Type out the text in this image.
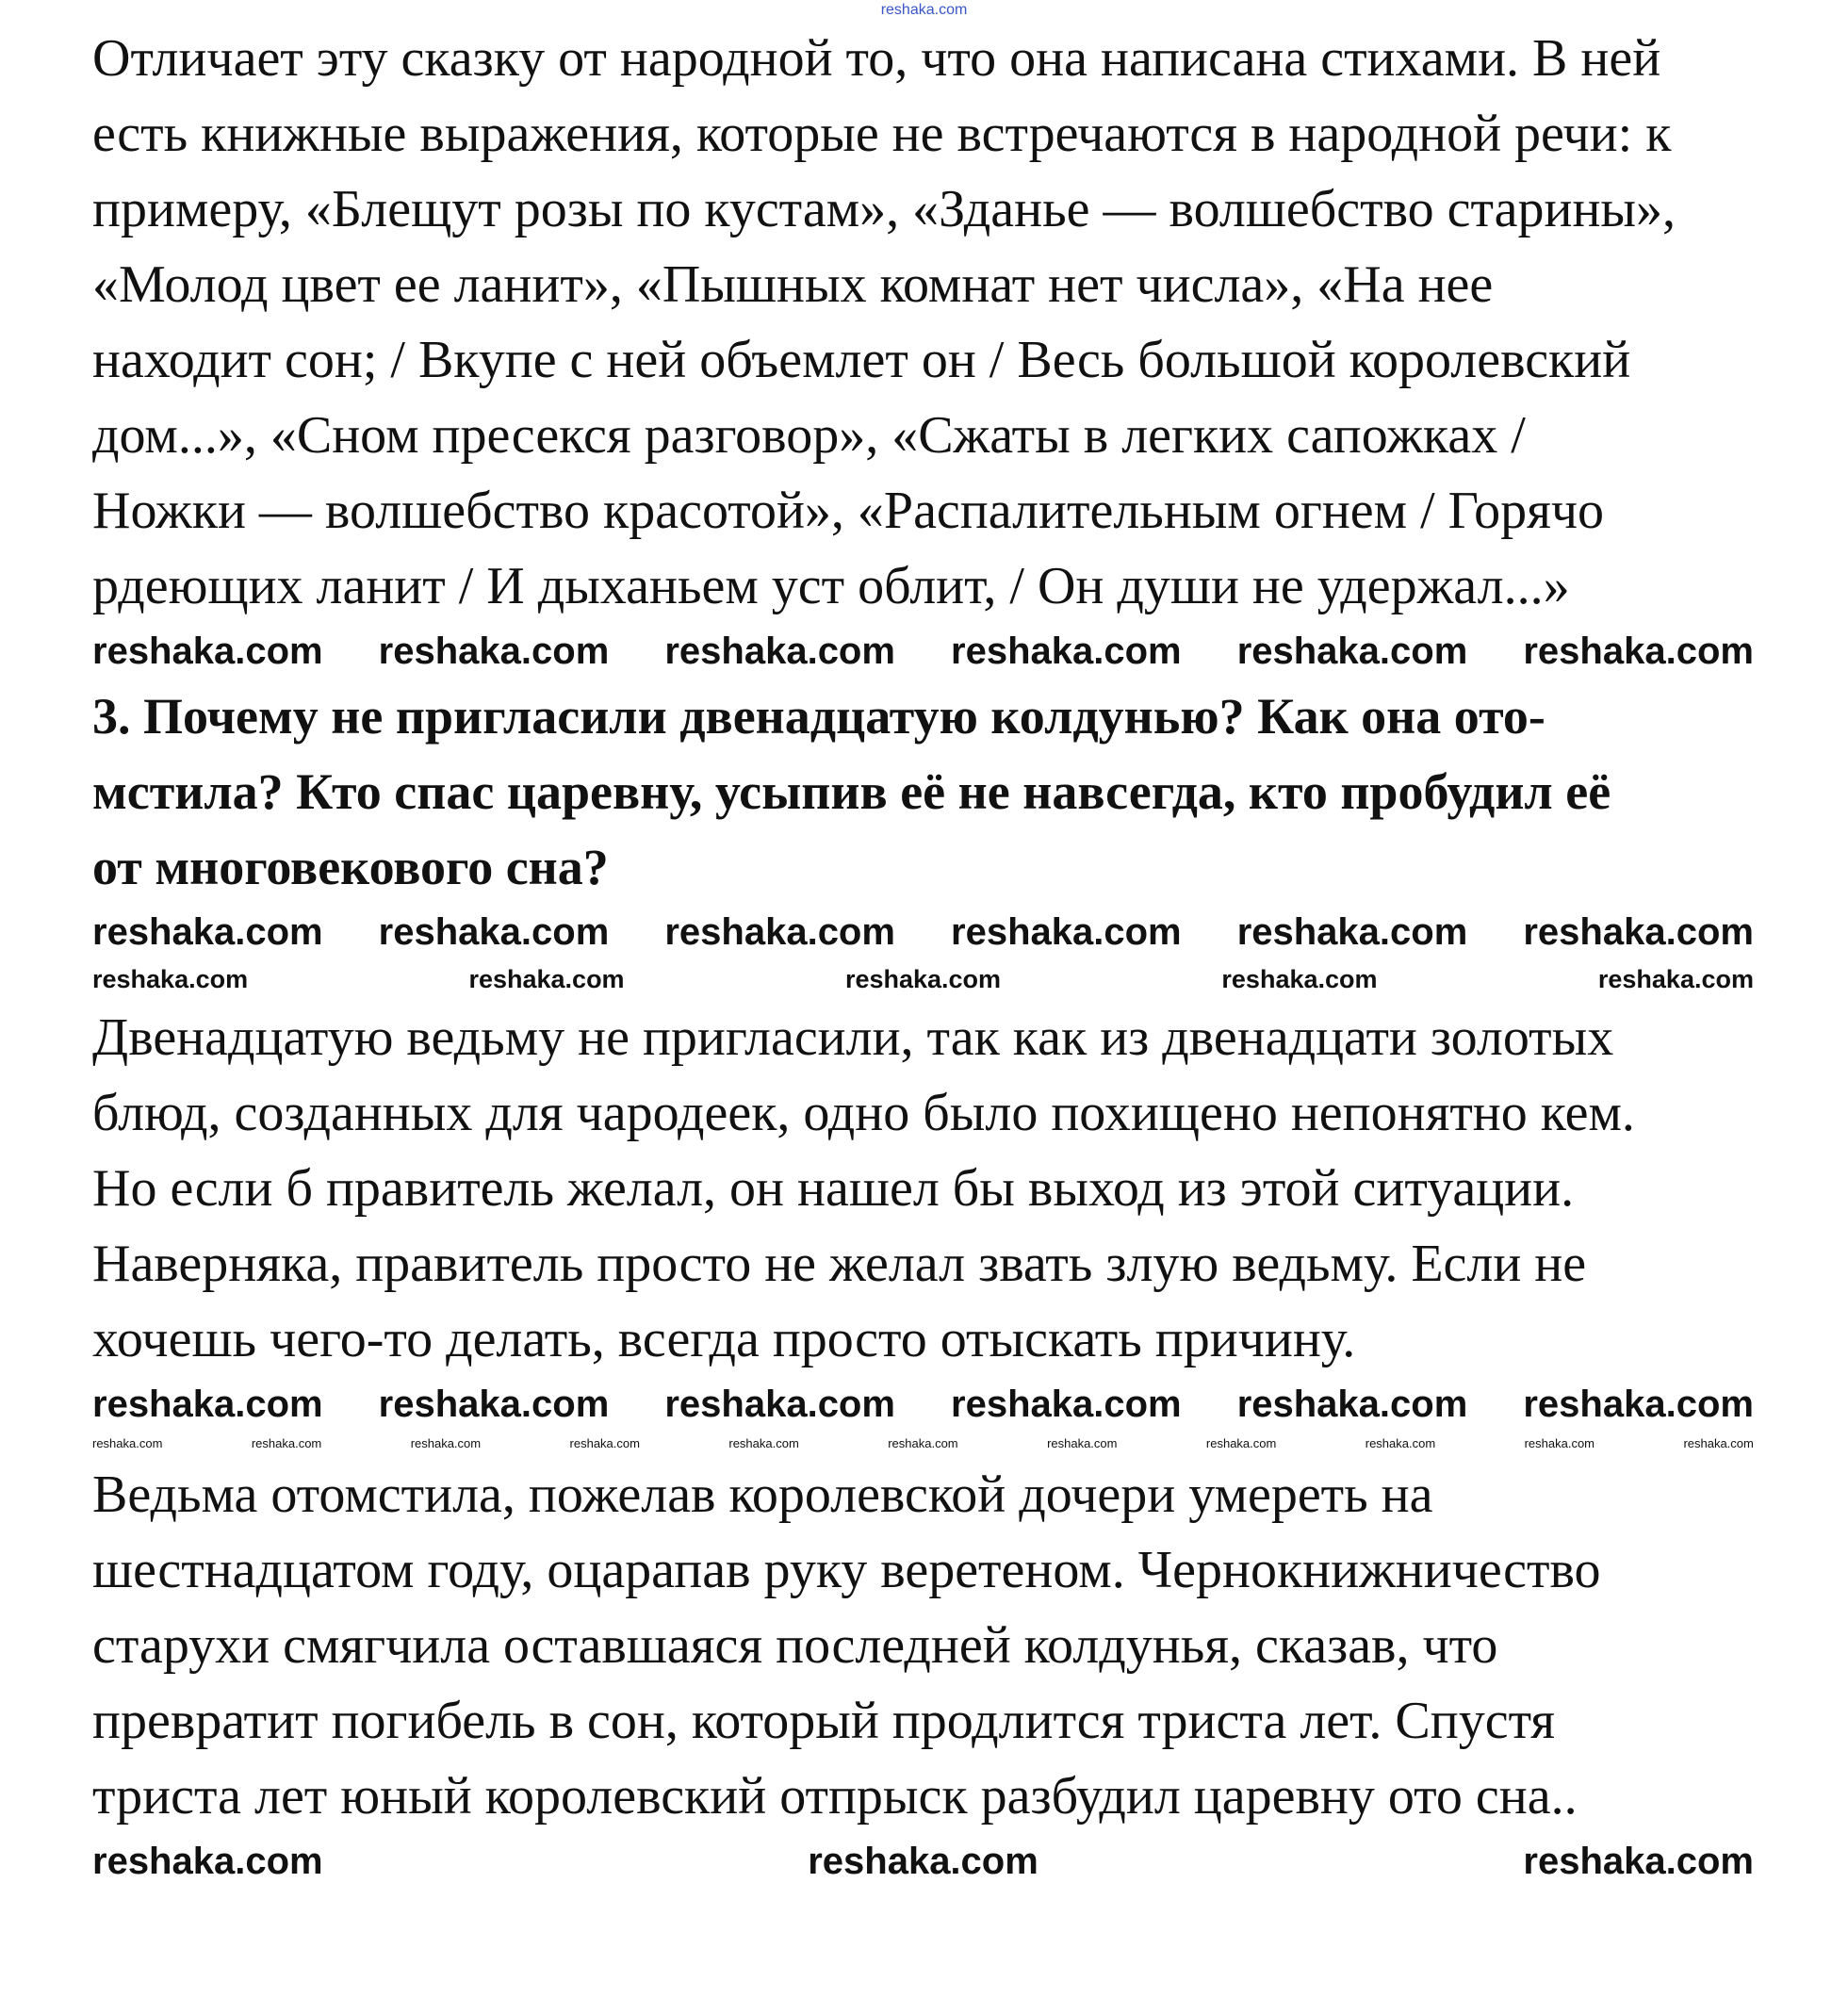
reshaka.com
Отличает эту сказку от народной то, что она написана стихами. В ней
есть книжные выражения, которые не встречаются в народной речи: к
примеру, «Блещут розы по кустам», «Зданье — волшебство старины»,
«Молод цвет ее ланит», «Пышных комнат нет числа», «На нее
находит сон; / Вкупе с ней объемлет он / Весь большой королевский
дом...», «Сном пресекся разговор», «Сжаты в легких сапожках /
Ножки — волшебство красотой», «Распалительным огнем / Горячо
рдеющих ланит / И дыханьем уст облит, / Он души не удержал...»
reshaka.com reshaka.com reshaka.com reshaka.com reshaka.com reshaka.com
3. Почему не пригласили двенадцатую колдунью? Как она ото-
мстила? Кто спас царевну, усыпив её не навсегда, кто пробудил её
от многовекового сна?
reshaka.com reshaka.com reshaka.com reshaka.com reshaka.com reshaka.com
reshaka.com	reshaka.com	reshaka.com	reshaka.com	reshaka.com
Двенадцатую ведьму не пригласили, так как из двенадцати золотых
блюд, созданных для чародеек, одно было похищено непонятно кем.
Но если б правитель желал, он нашел бы выход из этой ситуации.
Наверняка, правитель просто не желал звать злую ведьму. Если не
хочешь чего-то делать, всегда просто отыскать причину.
reshaka.com reshaka.com reshaka.com reshaka.com reshaka.com reshaka.com
reshaka.com	reshaka.com	reshaka.com	reshaka.com	reshaka.com	reshaka.com	reshaka.com	reshaka.com	reshaka.com	reshaka.com	reshaka.com
Ведьма отомстила, пожелав королевской дочери умереть на
шестнадцатом году, оцарапав руку веретеном. Чернокнижничество
старухи смягчила оставшаяся последней колдунья, сказав, что
превратит погибель в сон, который продлится триста лет. Спустя
триста лет юный королевский отпрыск разбудил царевну ото сна..
reshaka.com	reshaka.com	reshaka.com
